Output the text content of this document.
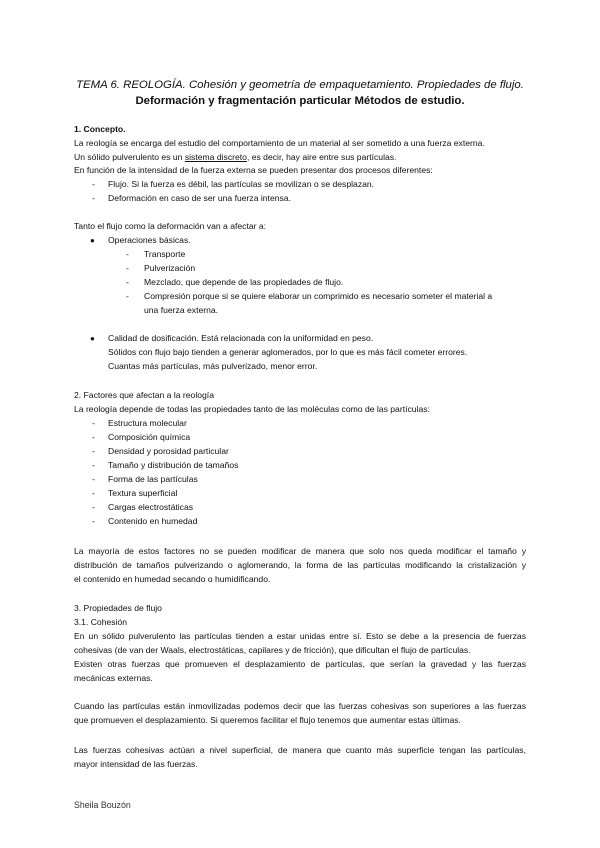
TEMA 6. REOLOGÍA. Cohesión y geometría de empaquetamiento. Propiedades de flujo.
Deformación y fragmentación particular Métodos de estudio.
1. Concepto.
La reología se encarga del estudio del comportamiento de un material al ser sometido a una fuerza externa.
Un sólido pulverulento es un sistema discreto, es decir, hay aire entre sus partículas.
En función de la intensidad de la fuerza externa se pueden presentar dos procesos diferentes:
- Flujo. Si la fuerza es débil, las partículas se movilizan o se desplazan.
- Deformación en caso de ser una fuerza intensa.
Tanto el flujo como la deformación van a afectar a:
● Operaciones básicas.
- Transporte
- Pulverización
- Mezclado, que depende de las propiedades de flujo.
- Compresión porque si se quiere elaborar un comprimido es necesario someter el material a
una fuerza externa.
● Calidad de dosificación. Está relacionada con la uniformidad en peso.
Sólidos con flujo bajo tienden a generar aglomerados, por lo que es más fácil cometer errores.
Cuantas más partículas, más pulverizado, menor error.
2. Factores que afectan a la reología
La reología depende de todas las propiedades tanto de las moléculas como de las partículas:
- Estructura molecular
- Composición química
- Densidad y porosidad particular
- Tamaño y distribución de tamaños
- Forma de las partículas
- Textura superficial
- Cargas electrostáticas
- Contenido en humedad
La mayoría de estos factores no se pueden modificar de manera que solo nos queda modificar el tamaño y
distribución de tamaños pulverizando o aglomerando, la forma de las partículas modificando la cristalización y
el contenido en humedad secando o humidificando.
3. Propiedades de flujo
3.1. Cohesión
En un sólido pulverulento las partículas tienden a estar unidas entre sí. Esto se debe a la presencia de fuerzas
cohesivas (de van der Waals, electrostáticas, capilares y de fricción), que dificultan el flujo de partículas.
Existen otras fuerzas que promueven el desplazamiento de partículas, que serían la gravedad y las fuerzas
mecánicas externas.
Cuando las partículas están inmovilizadas podemos decir que las fuerzas cohesivas son superiores a las fuerzas
que promueven el desplazamiento. Si queremos facilitar el flujo tenemos que aumentar estas últimas.
Las fuerzas cohesivas actúan a nivel superficial, de manera que cuanto más superficie tengan las partículas,
mayor intensidad de las fuerzas.
Sheila Bouzón
